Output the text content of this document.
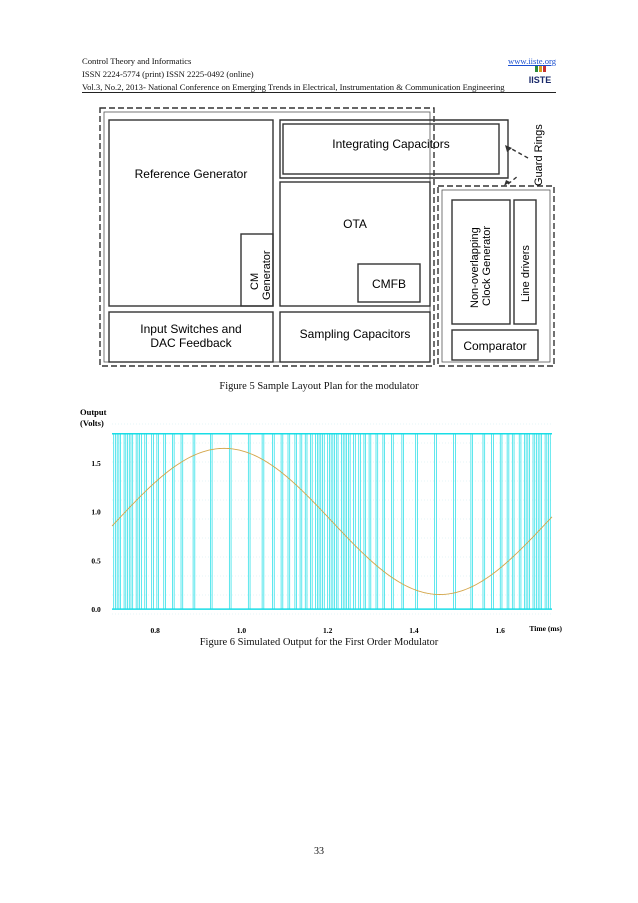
Control Theory and Informatics
ISSN 2224-5774 (print) ISSN 2225-0492 (online)
Vol.3, No.2, 2013- National Conference on Emerging Trends in Electrical, Instrumentation & Communication Engineering
www.iiste.org
IISTE
Reference Generator
Integrating Capacitors
OTA
CMFB
CM Generator
Input Switches and
DAC Feedback
Sampling Capacitors
Non-overlapping Clock Generator Line drivers
Comparator
Guard Rings
Figure 5 Sample Layout Plan for the modulator
Output
(Volts)
Time (ms)
0.8	1.0	1.2	1.4	1.6
0.0
0.5
1.0
1.5
Figure 6 Simulated Output for the First Order Modulator
33
